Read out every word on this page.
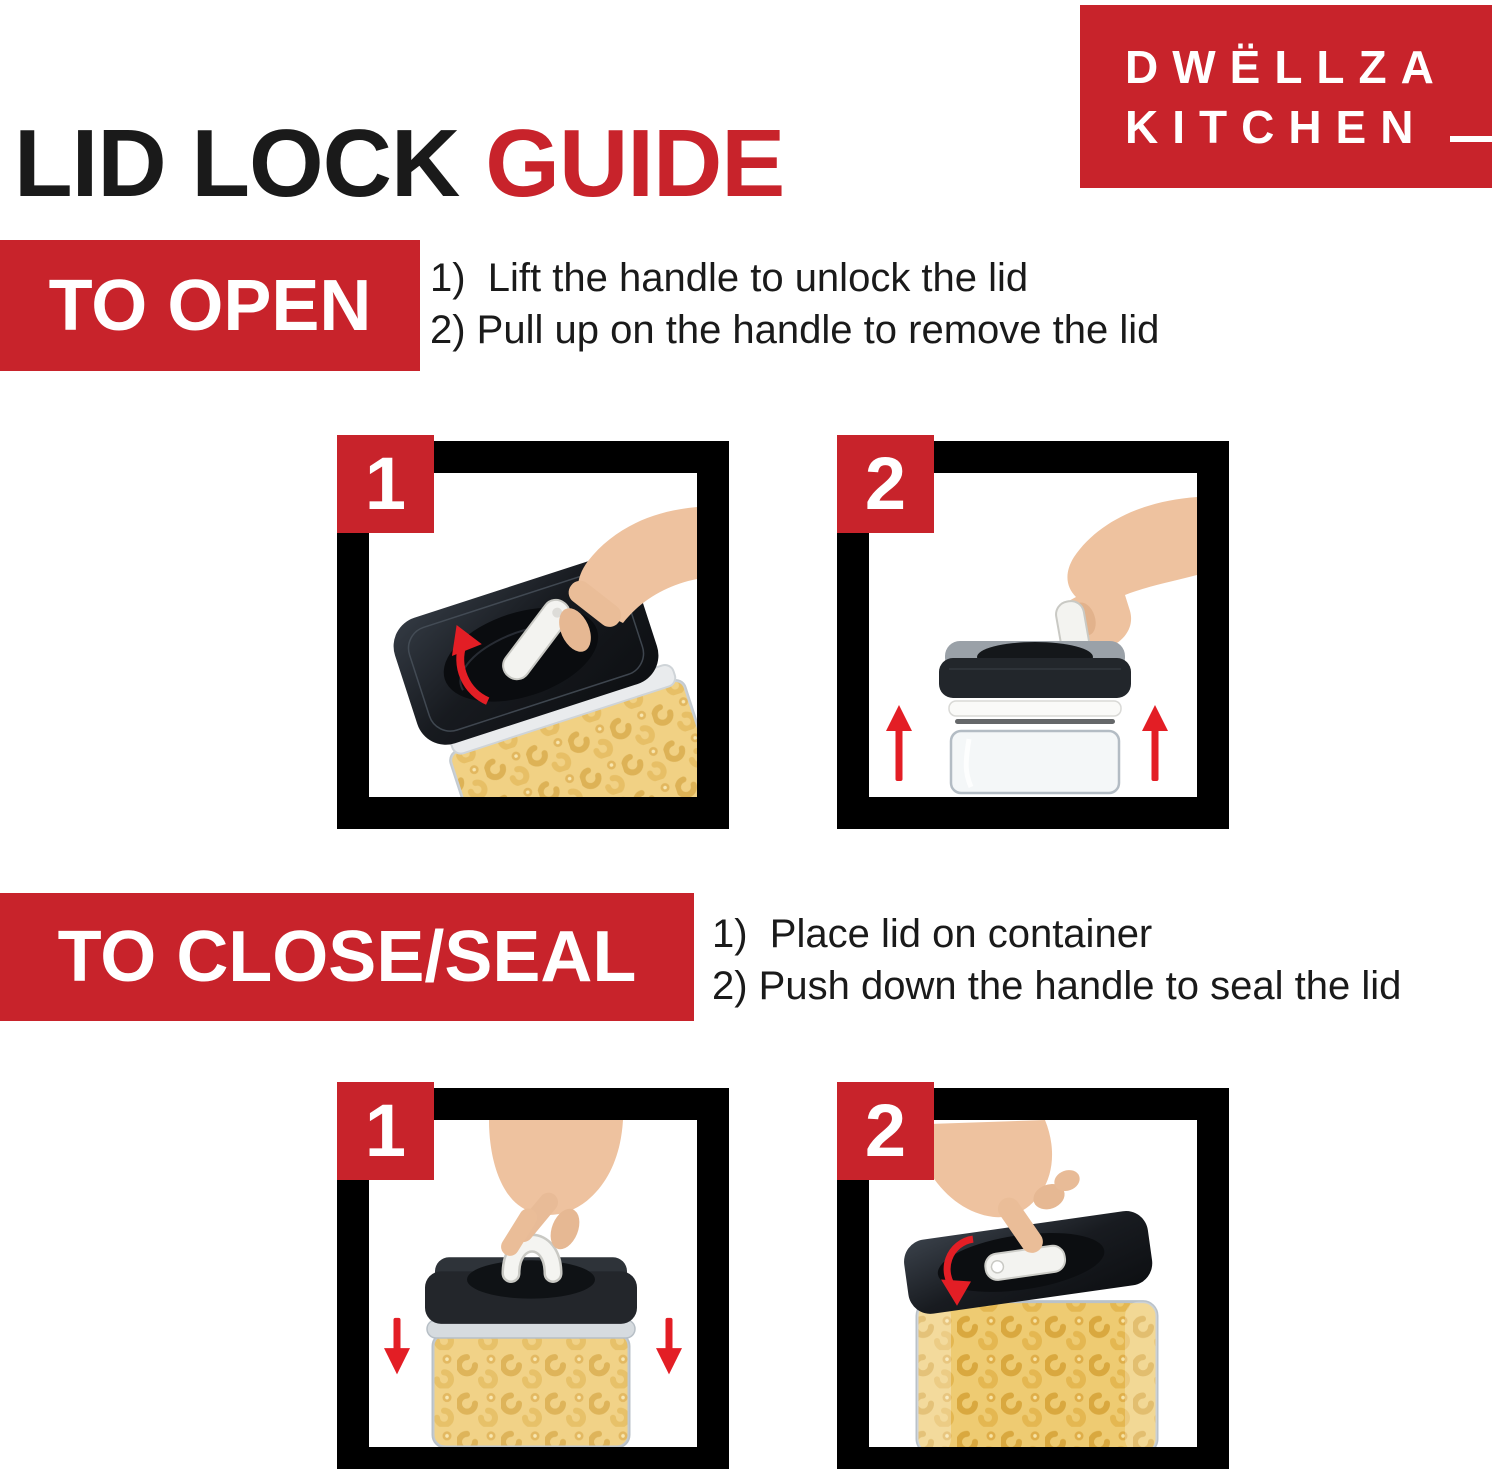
LID LOCK GUIDE
DWËLLZA
KITCHEN
TO OPEN	1)  Lift the handle to unlock the lid
2) Pull up on the handle to remove the lid
1	2
TO CLOSE/SEAL	1)  Place lid on container
2) Push down the handle to seal the lid
1	2
